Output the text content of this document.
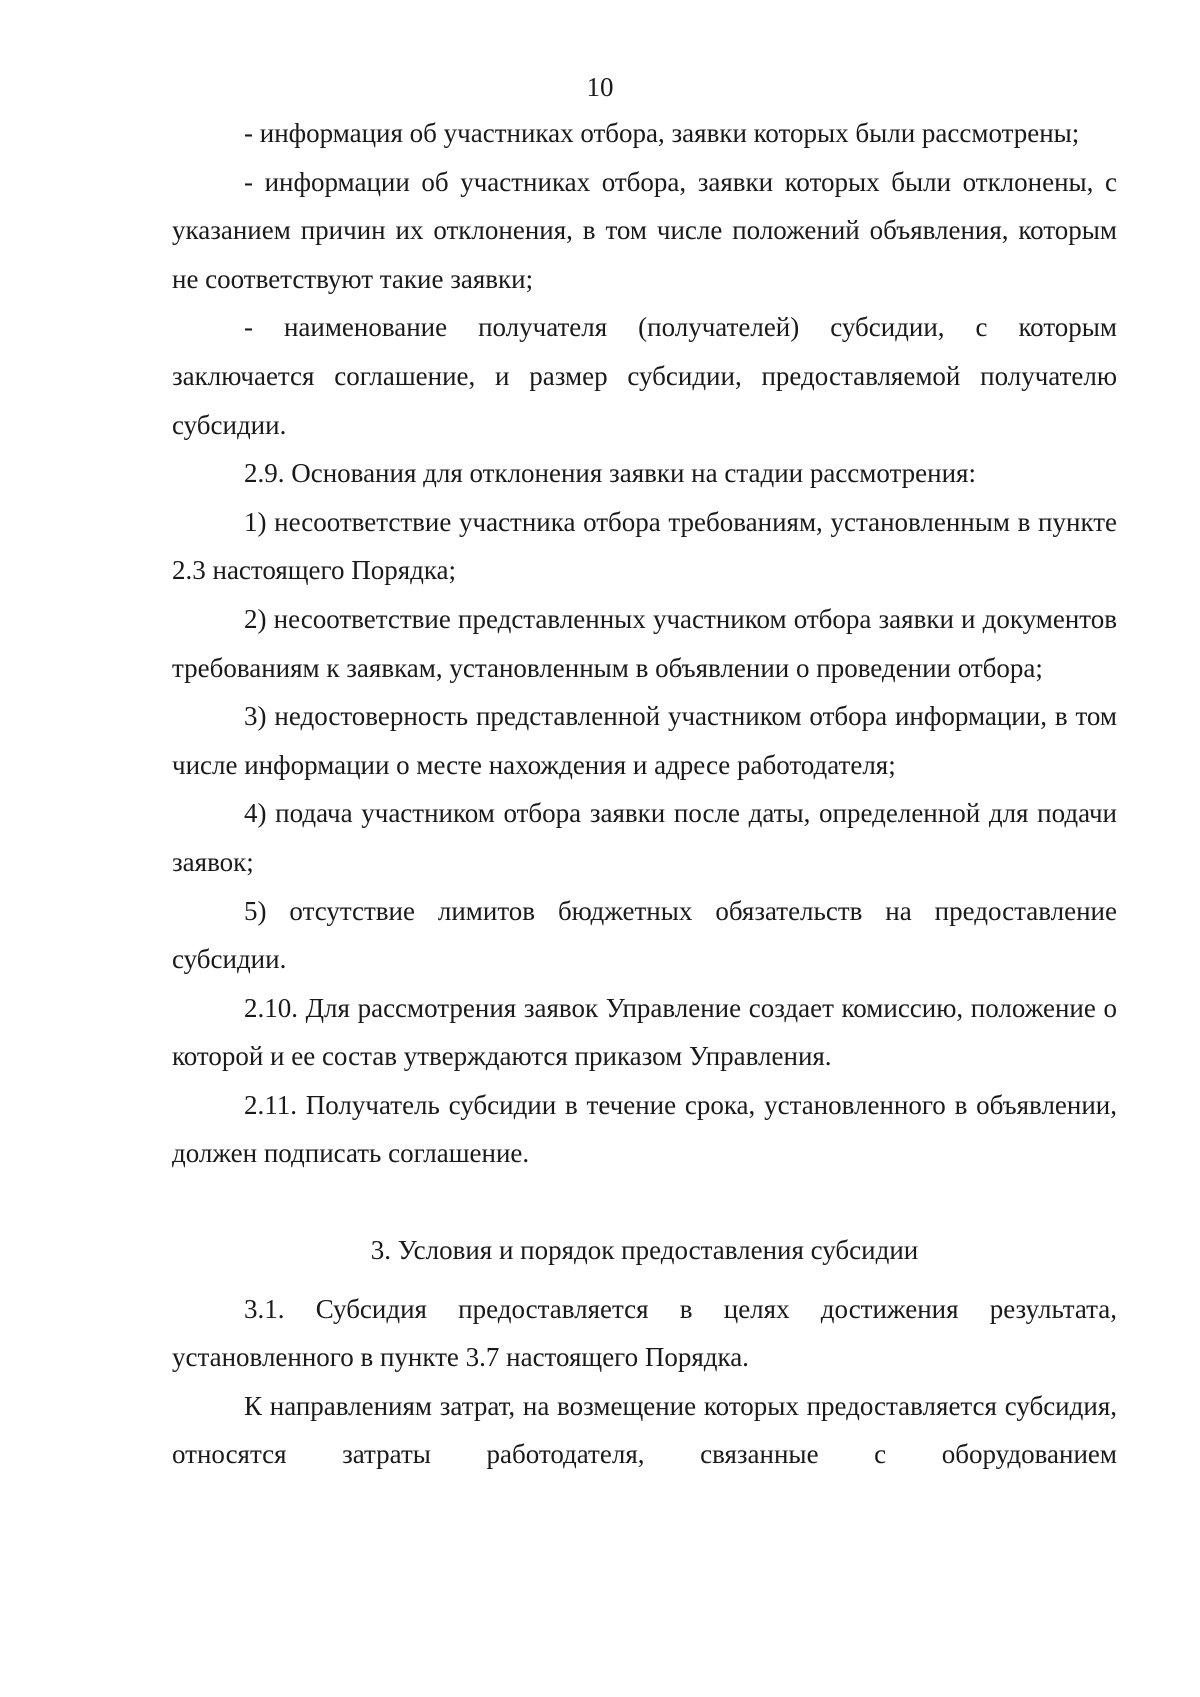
10

- информация об участниках отбора, заявки которых были рассмотрены;

- информации об участниках отбора, заявки которых были отклонены, с указанием причин их отклонения, в том числе положений объявления, которым не соответствуют такие заявки;

- наименование получателя (получателей) субсидии, с которым заключается соглашение, и размер субсидии, предоставляемой получателю субсидии.

2.9. Основания для отклонения заявки на стадии рассмотрения:

1) несоответствие участника отбора требованиям, установленным в пункте 2.3 настоящего Порядка;

2) несоответствие представленных участником отбора заявки и документов требованиям к заявкам, установленным в объявлении о проведении отбора;

3) недостоверность представленной участником отбора информации, в том числе информации о месте нахождения и адресе работодателя;

4) подача участником отбора заявки после даты, определенной для подачи заявок;

5) отсутствие лимитов бюджетных обязательств на предоставление субсидии.

2.10. Для рассмотрения заявок Управление создает комиссию, положение о которой и ее состав утверждаются приказом Управления.

2.11. Получатель субсидии в течение срока, установленного в объявлении, должен подписать соглашение.

3. Условия и порядок предоставления субсидии

3.1. Субсидия предоставляется в целях достижения результата, установленного в пункте 3.7 настоящего Порядка.

К направлениям затрат, на возмещение которых предоставляется субсидия, относятся затраты работодателя, связанные с оборудованием
